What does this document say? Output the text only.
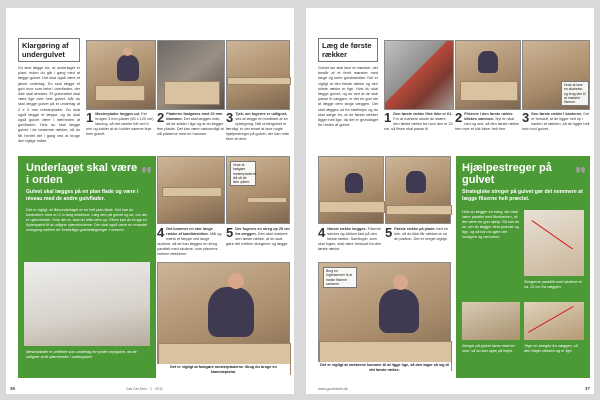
Klargøring af undergulvet
Du skal lægge for, at underlaget er plant, inden du går i gang med at lægge gulvet. Det skal også være et jævnt underlag. Du skal lægge et gulv hvor som helst i overfladen, der ikke skal ændres. Et gulvmøbel skal være lige over hele gulvet. Når du skal lægge gulvet på et underlag af 2 x 3 mm mesterplader. Du skal også lægge et tæppe, og du skal også gulvet være i nærheden af gulvfladen. Hvis du skal lægge gulvet i de bestemte rækker, så du får hentet det i gang ved at bruge den rigtige måde.
1 Mesterplader lægges ud. Før brugen 3 mm plader (60 x 120 cm) løsning, så det samler lidt ved 6 mm og kabler at du holder samme linje hele gulvet.
2 Pladerne fastgøres med 20 mm klammer. Det skal lægges inde, så de sidder i lige og at du lægger fem plader. Det kan være nødvendigt at slå pladerne med en hammer.
3 Tjek, om fugerne er udlignet, ved at lægge en bredkant af en oplægning. Når undergulvet er færdigt, er det smart at lave nogle hjælpestreger på gulvet, der kan rette flere af dem.
Underlaget skal være i orden
Gulvet skal lægges på en plan flade og være i niveau med de andre gulvflader.
Det er vigtigt, at fliseunderlaget er en helt plan flade. Det kan du kontrollere med en 2 m lang retskinne. Læg den på gulvet og se, om der er ujævnheder. Hvis der er, skal du rette dem op. Ellers kan du bruge en flydespartel til at udligne ujævnhederne. Der skal også være en ensartet overgang mellem de forskellige gulvbelægninger i rummet.
Mesterplader er perfekte som underlag for tynde vinylgulve, da de udligner små ujævnheder i undergulvet.
Husk at fastgøre mesterpladerne lidt så de ikke rykker.
4 Det kommer en stor lange række af kantlimstriber. Mål og mærk et tæppe ved lange skulene, så de kan lægges en streg parallelt med skulene, som placeres mellem rækkerne.
5 Der fugeres en streg op 25 cm fra væggen. Den skal markere den første række, at du skal gøre det mellem stregerne og lægge.
Det er vigtigt at fastgøre mesterpladerne. Brug du bruge en klammepistol.
36	Gør Det Selv · 1 · 2011
Læg de første rækker
Gulvet ser skal lave et mønster, der består af et ferrit mønster med lange og korte gulvbrædder. Det er vigtigt at den første række og den sidste række er lige. Hvis du skal lægge gulvet, og du ved at de skal passe til væggen, er det en god ide at lægge dem langs væggen. Det skal lægges ud fra startlinjen og du skal sørge for, at de første rækker ligger helt lige, da det er grundlaget for resten af gulvet.
Husk at lave en skabelon, og brug den til at markere fliserne.
1 Den første række flise ikke er 61. For at markere skulle du skære den første række fra hvor den er 22 cm, så flisen skal passe til.
2 Fliserne i den første række klikkes sammen. Nyt én skal ned og ned, så den første række hen over et klik bliver helt hen.
3 Den første række i kanterne, Det er fornødt, at de ligger helt op i kanten af rækken, så de ligger helt ned mod gulvet.
4 Næste række lægges. Fliserne samles og klikkes fast på den første række. Samlinger, som skal fuges, skal være forskudt fra den første række.
5 Første række på plads med en kile, så du ikke får rækkerne ud af position. Det er meget vigtigt.
Brug en fugehammer til at banke fliserne sammen.
Det er vigtigt at rækkerne kommer til at ligge lige, så den tager så sig til det første række.
Hjælpestreger på gulvet
Strategiske streger på gulvet gør det nemmere at lægge fliserne helt præcist.
Hvis du lægger en streg, der skal være parallel med flisekanten, vil det være en god hjælp. Så kan du se, om du lægger dem præcist og lige, og så kan du gøre det hurtigere og nemmere.
Stregerne parallelt med skulene er ca. 25 cm fra væggen.
Streger på gulvet laves med en snor, så du kan sigte på linjen.
Tegn en stregen fra væggen, så den følger rækken og er lige.
www.gordetselv.dk	37
